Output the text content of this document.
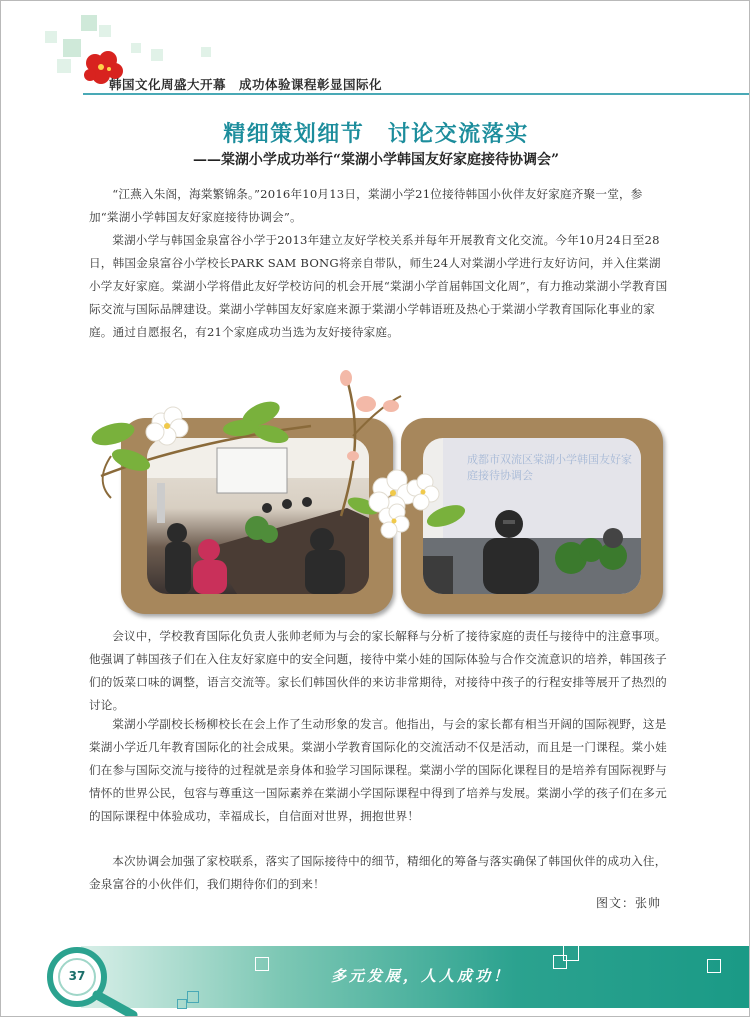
韩国文化周盛大开幕　成功体验课程彰显国际化
精细策划细节　讨论交流落实
——棠湖小学成功举行“棠湖小学韩国友好家庭接待协调会”
“江燕入朱阁，海棠繁锦条。”2016年10月13日，棠湖小学21位接待韩国小伙伴友好家庭齐聚一堂，参加“棠湖小学韩国友好家庭接待协调会”。
棠湖小学与韩国金泉富谷小学于2013年建立友好学校关系并每年开展教育文化交流。今年10月24日至28日，韩国金泉富谷小学校长PARK SAM BONG将亲自带队，师生24人对棠湖小学进行友好访问，并入住棠湖小学友好家庭。棠湖小学将借此友好学校访问的机会开展“棠湖小学首届韩国文化周”，有力推动棠湖小学教育国际交流与国际品牌建设。棠湖小学韩国友好家庭来源于棠湖小学韩语班及热心于棠湖小学教育国际化事业的家庭。通过自愿报名，有21个家庭成功当选为友好接待家庭。
成都市双流区棠湖小学韩国友好家庭接待协调会
会议中，学校教育国际化负责人张帅老师为与会的家长解释与分析了接待家庭的责任与接待中的注意事项。他强调了韩国孩子们在入住友好家庭中的安全问题，接待中棠小娃的国际体验与合作交流意识的培养，韩国孩子们的饭菜口味的调整，语言交流等。家长们韩国伙伴的来访非常期待，对接待中孩子的行程安排等展开了热烈的讨论。
棠湖小学副校长杨柳校长在会上作了生动形象的发言。他指出，与会的家长都有相当开阔的国际视野，这是棠湖小学近几年教育国际化的社会成果。棠湖小学教育国际化的交流活动不仅是活动，而且是一门课程。棠小娃们在参与国际交流与接待的过程就是亲身体和验学习国际课程。棠湖小学的国际化课程目的是培养有国际视野与情怀的世界公民，包容与尊重这一国际素养在棠湖小学国际课程中得到了培养与发展。棠湖小学的孩子们在多元的国际课程中体验成功，幸福成长，自信面对世界，拥抱世界！
本次协调会加强了家校联系，落实了国际接待中的细节，精细化的筹备与落实确保了韩国伙伴的成功入住，金泉富谷的小伙伴们，我们期待你们的到来！
图文：张帅
37	多元发展，人人成功！
